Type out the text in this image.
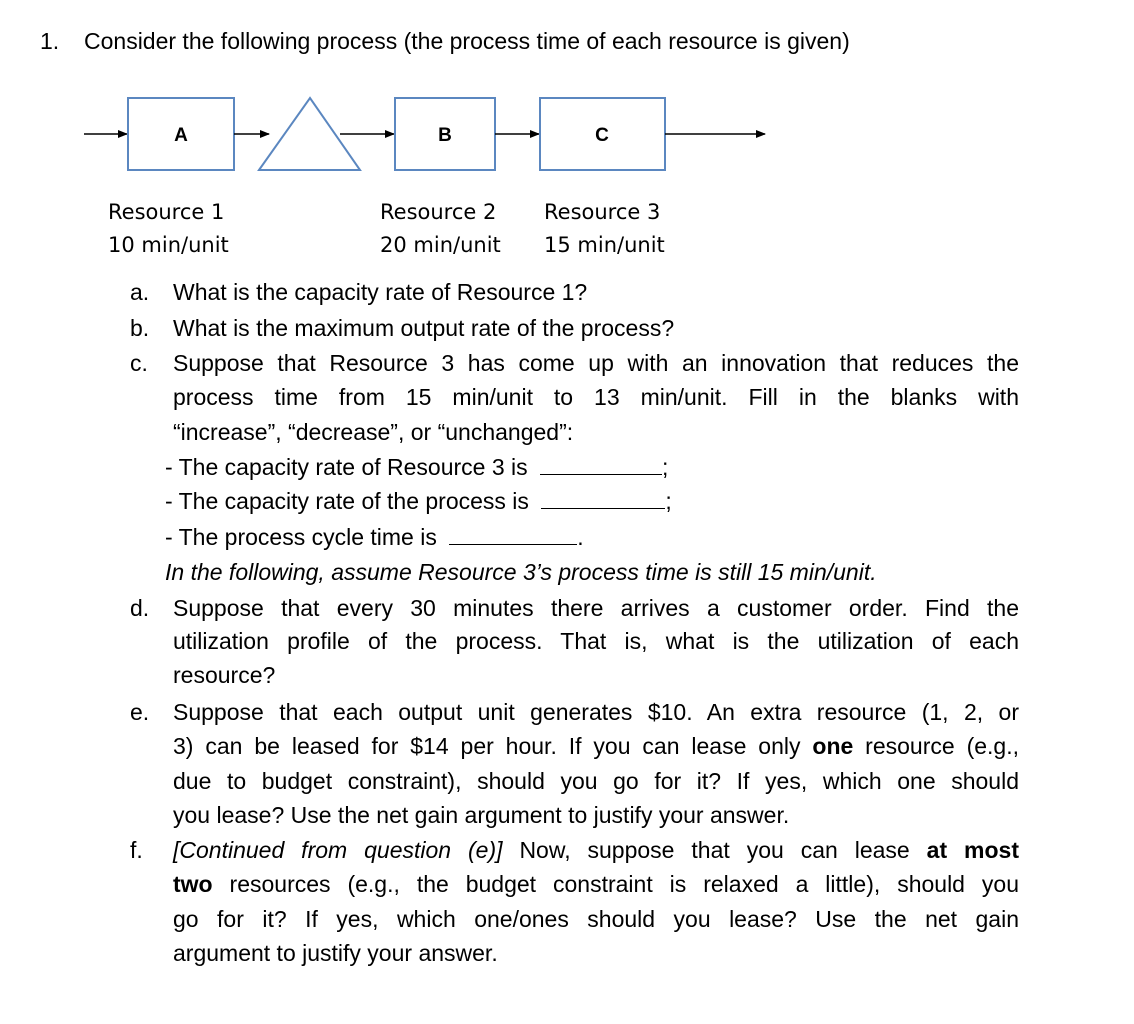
1. Consider the following process (the process time of each resource is given)
A	B	C
Resource 1
10 min/unit
Resource 2
20 min/unit
Resource 3
15 min/unit
a. What is the capacity rate of Resource 1?
b. What is the maximum output rate of the process?
c. Suppose that Resource 3 has come up with an innovation that reduces the
process time from 15 min/unit to 13 min/unit. Fill in the blanks with
“increase”, “decrease”, or “unchanged”:
- The capacity rate of Resource 3 is	;
- The capacity rate of the process is	;
- The process cycle time is	.
In the following, assume Resource 3’s process time is still 15 min/unit.
d. Suppose that every 30 minutes there arrives a customer order. Find the
utilization profile of the process. That is, what is the utilization of each
resource?
e. Suppose that each output unit generates $10. An extra resource (1, 2, or
3) can be leased for $14 per hour. If you can lease only one resource (e.g.,
due to budget constraint), should you go for it? If yes, which one should
you lease? Use the net gain argument to justify your answer.
f. [Continued from question (e)] Now, suppose that you can lease at most
two resources (e.g., the budget constraint is relaxed a little), should you
go for it? If yes, which one/ones should you lease? Use the net gain
argument to justify your answer.
